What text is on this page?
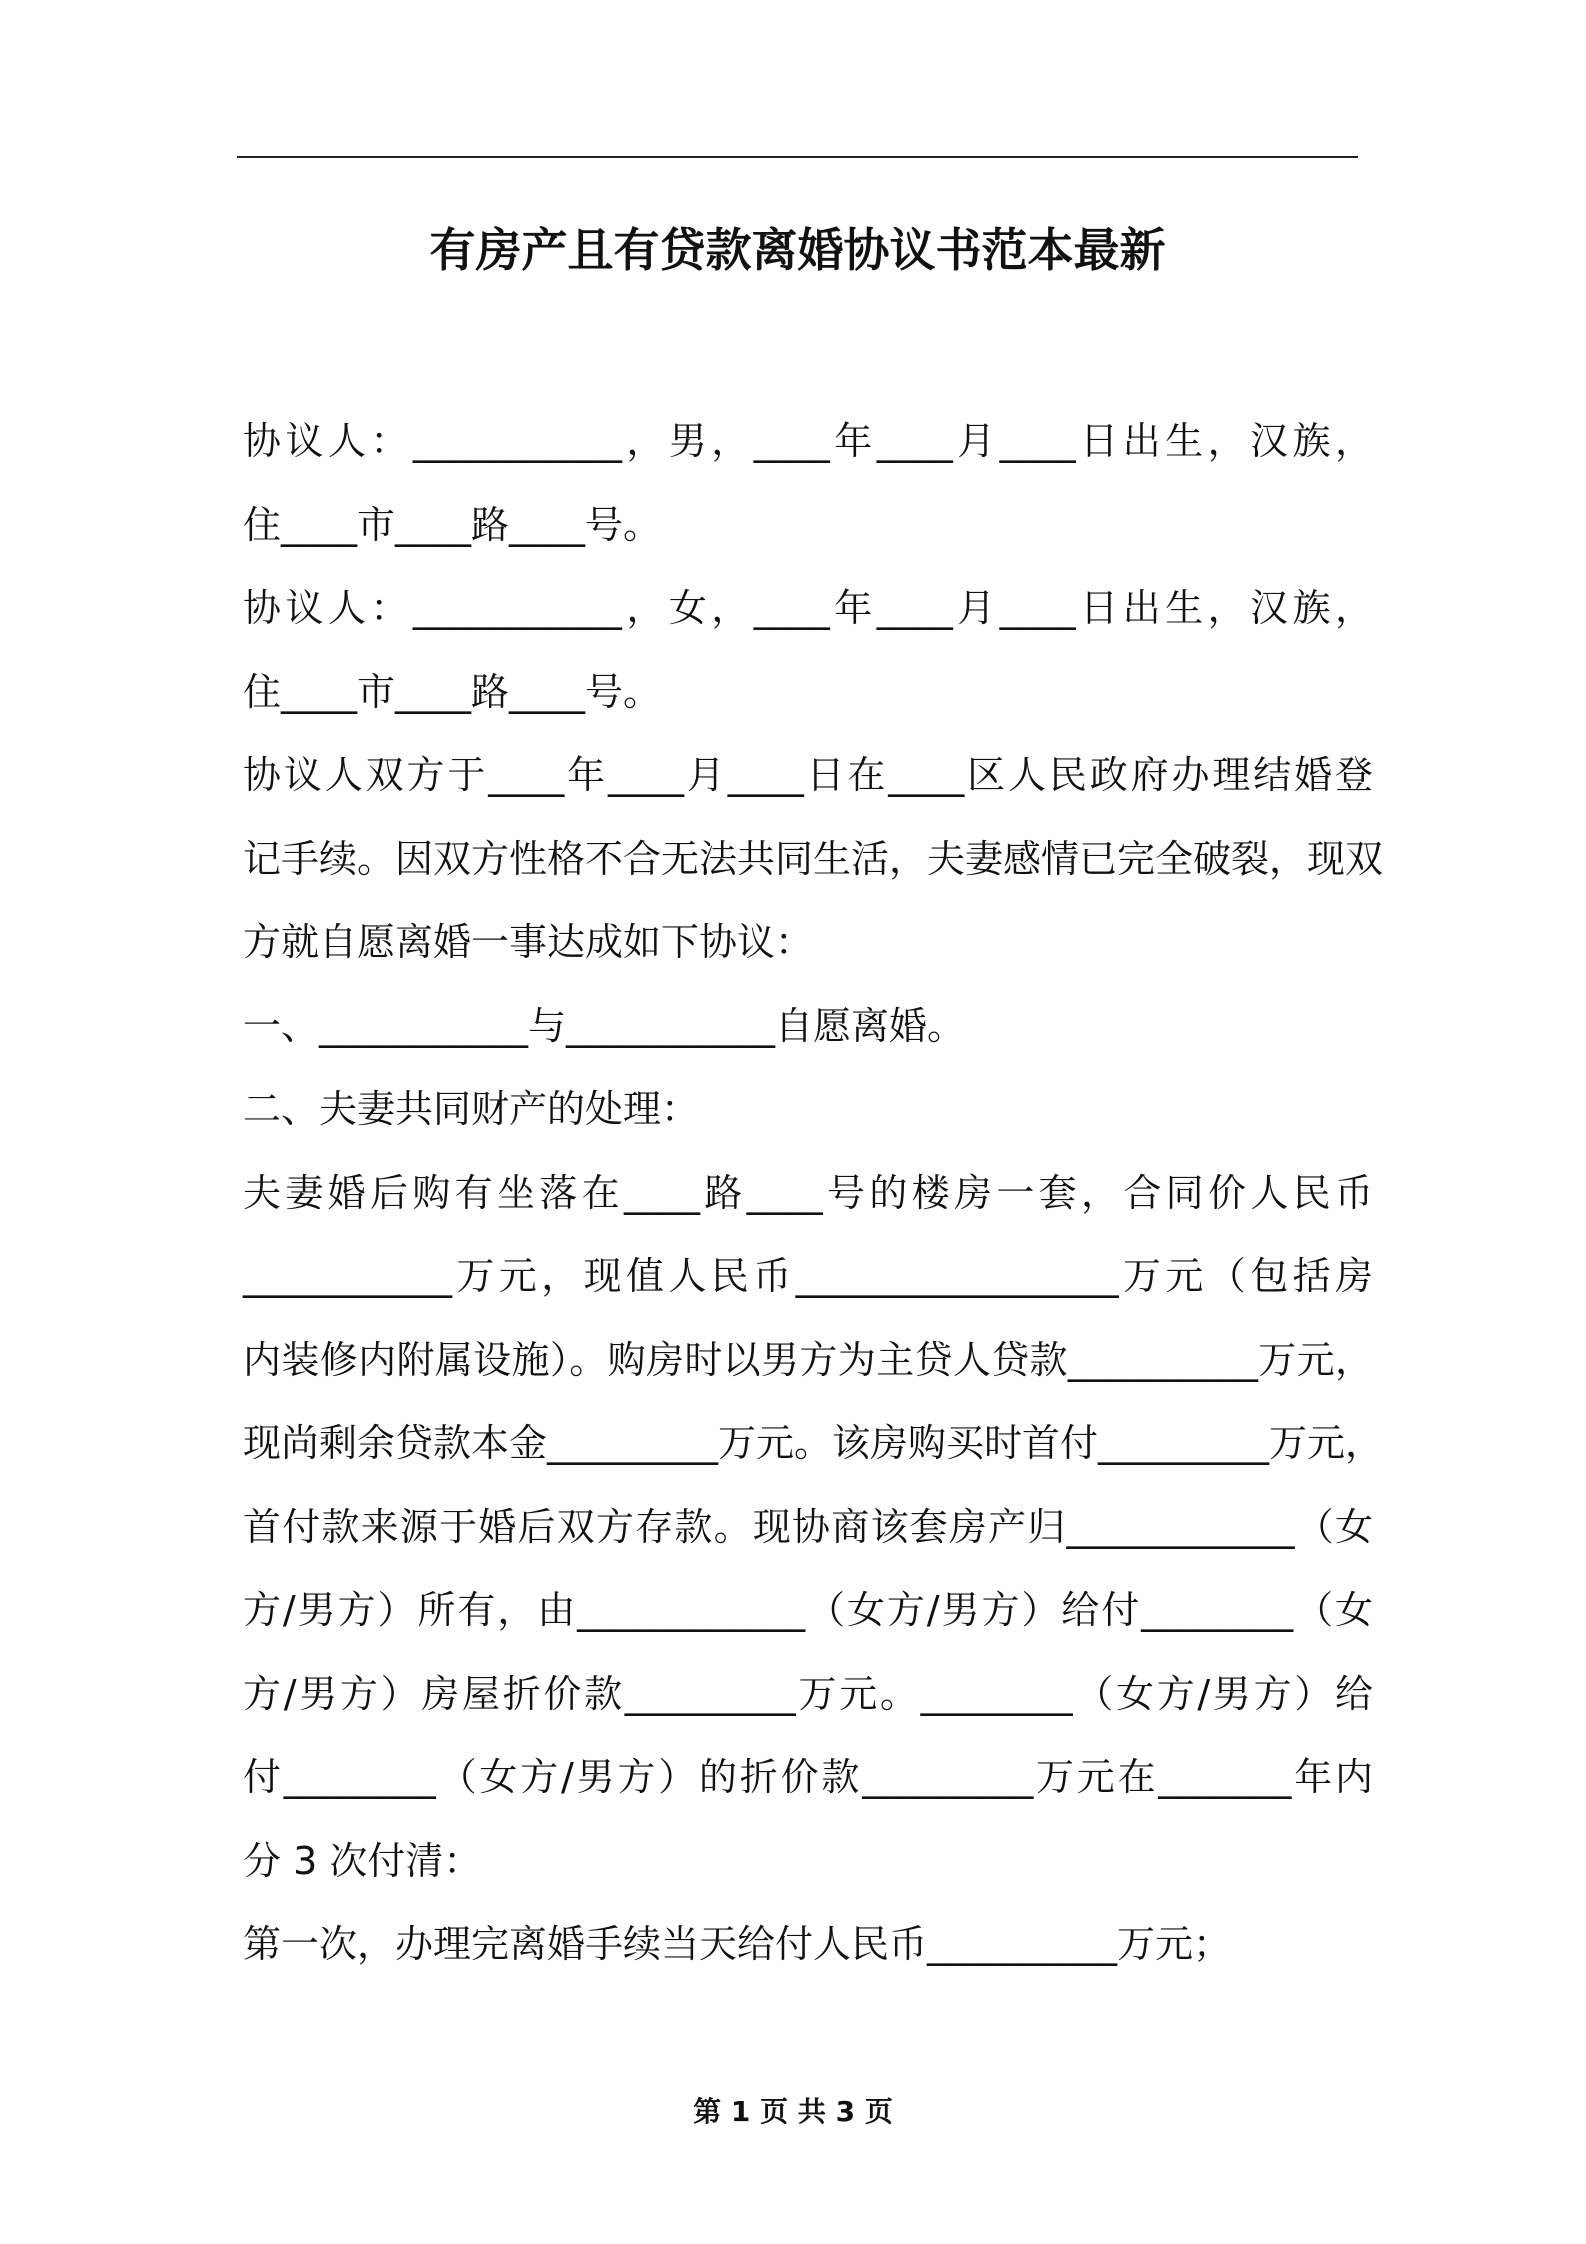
有房产且有贷款离婚协议书范本最新
协议人：___________，男，____年____月____日出生，汉族，
住____市____路____号。
协议人：___________，女，____年____月____日出生，汉族，
住____市____路____号。
协议人双方于____年____月____日在____区人民政府办理结婚登
记手续。因双方性格不合无法共同生活，夫妻感情已完全破裂，现双
方就自愿离婚一事达成如下协议：
一、___________与___________自愿离婚。
二、夫妻共同财产的处理：
夫妻婚后购有坐落在____路____号的楼房一套，合同价人民币
___________万元，现值人民币_________________万元（包括房
内装修内附属设施）。购房时以男方为主贷人贷款__________万元，
现尚剩余贷款本金_________万元。该房购买时首付_________万元，
首付款来源于婚后双方存款。现协商该套房产归____________（女
方/男方）所有，由____________（女方/男方）给付________（女
方/男方）房屋折价款_________万元。________（女方/男方）给
付________（女方/男方）的折价款_________万元在_______年内
分 3 次付清：
第一次，办理完离婚手续当天给付人民币__________万元；
第 1 页 共 3 页
